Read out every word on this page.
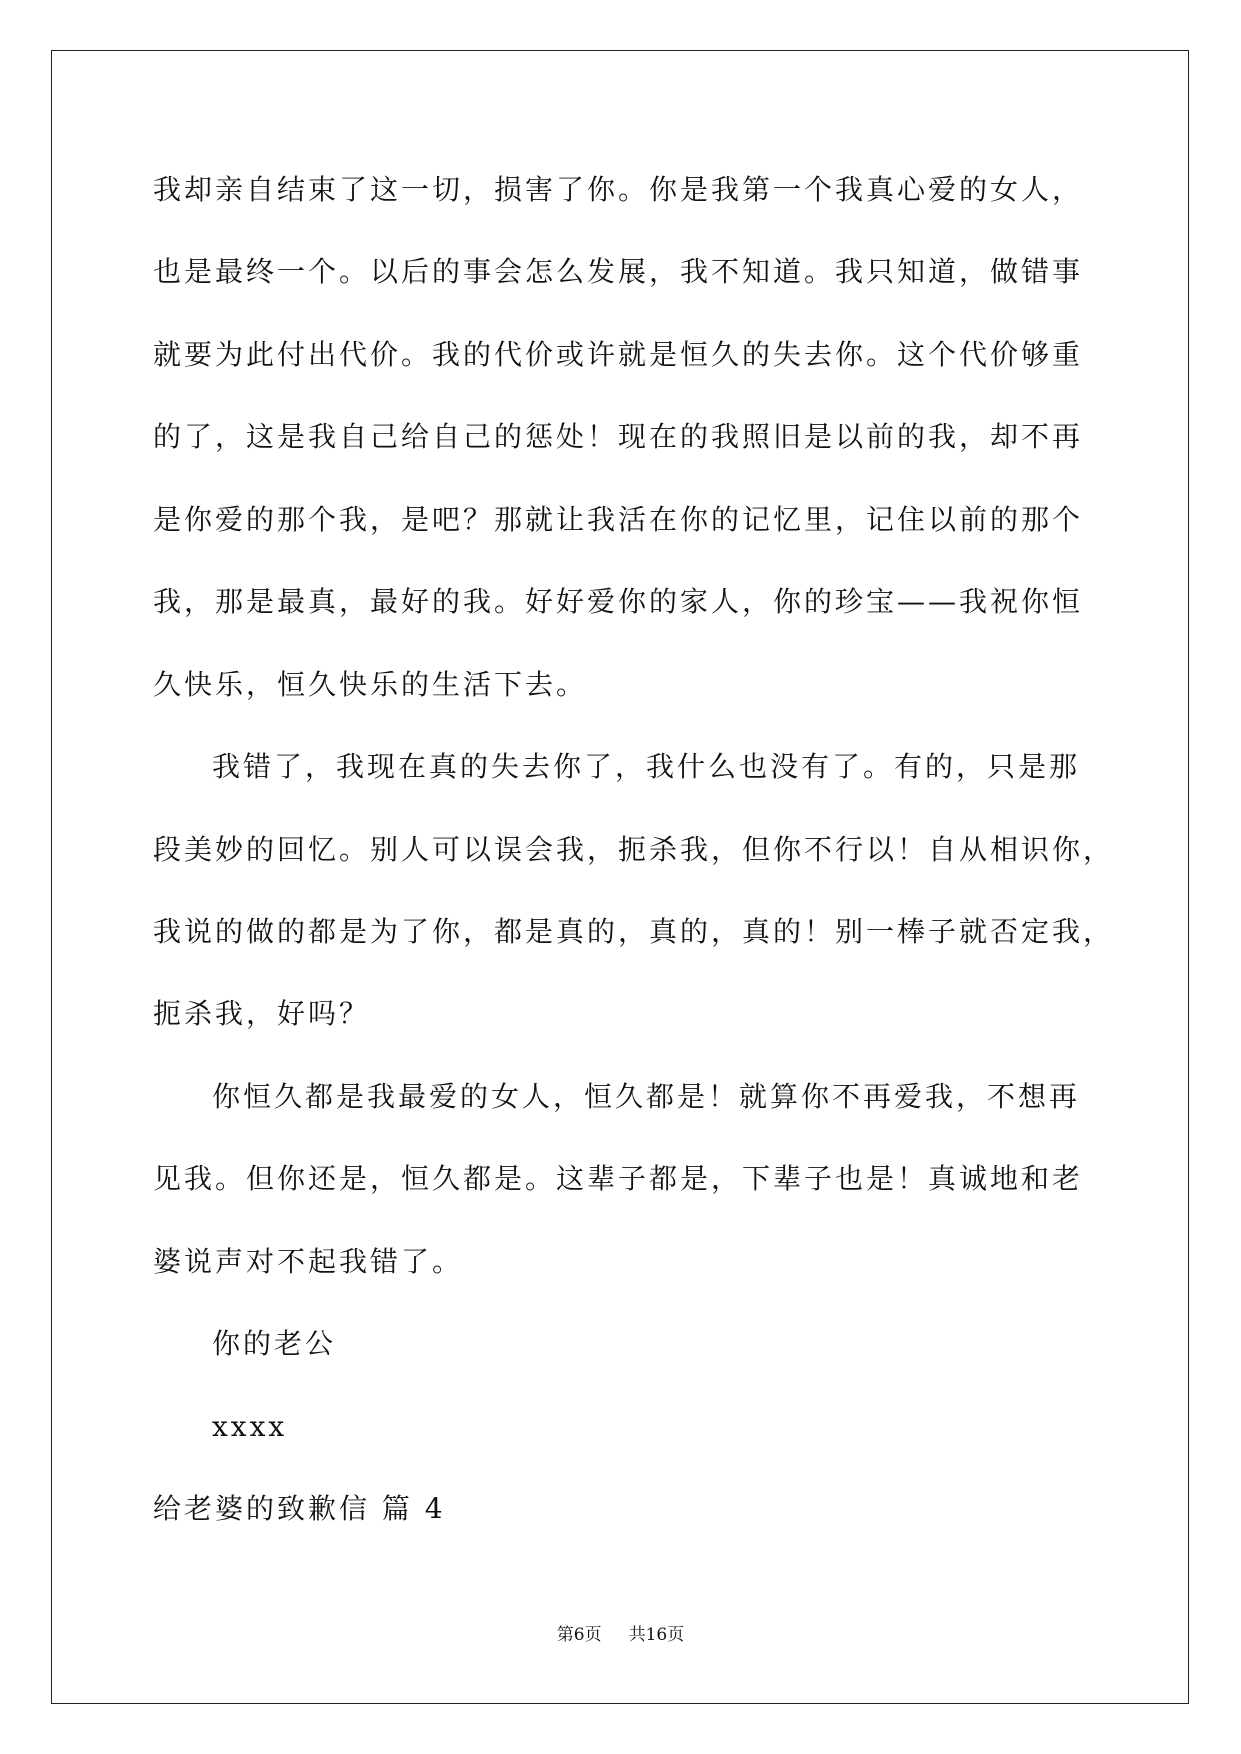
我却亲自结束了这一切，损害了你。你是我第一个我真心爱的女人，
也是最终一个。以后的事会怎么发展，我不知道。我只知道，做错事
就要为此付出代价。我的代价或许就是恒久的失去你。这个代价够重
的了，这是我自己给自己的惩处！现在的我照旧是以前的我，却不再
是你爱的那个我，是吧？那就让我活在你的记忆里，记住以前的那个
我，那是最真，最好的我。好好爱你的家人，你的珍宝——我祝你恒
久快乐，恒久快乐的生活下去。
我错了，我现在真的失去你了，我什么也没有了。有的，只是那
段美妙的回忆。别人可以误会我，扼杀我，但你不行以！自从相识你，
我说的做的都是为了你，都是真的，真的，真的！别一棒子就否定我，
扼杀我，好吗？
你恒久都是我最爱的女人，恒久都是！就算你不再爱我，不想再
见我。但你还是，恒久都是。这辈子都是，下辈子也是！真诚地和老
婆说声对不起我错了。
你的老公
xxxx
给老婆的致歉信 篇 4
第6页 共16页
